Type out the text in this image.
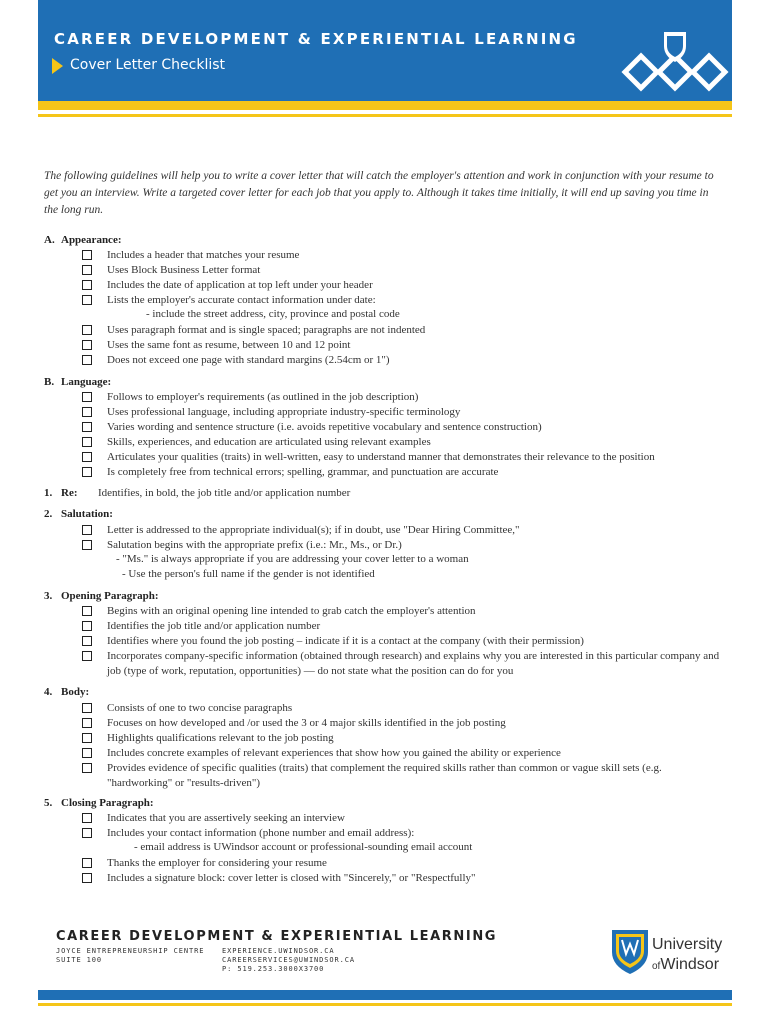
CAREER DEVELOPMENT & EXPERIENTIAL LEARNING
Cover Letter Checklist
The following guidelines will help you to write a cover letter that will catch the employer's attention and work in conjunction with your resume to get you an interview. Write a targeted cover letter for each job that you apply to. Although it takes time initially, it will end up saving you time in the long run.
A. Appearance:
Includes a header that matches your resume
Uses Block Business Letter format
Includes the date of application at top left under your header
Lists the employer's accurate contact information under date:
- include the street address, city, province and postal code
Uses paragraph format and is single spaced; paragraphs are not indented
Uses the same font as resume, between 10 and 12 point
Does not exceed one page with standard margins (2.54cm or 1")
B. Language:
Follows to employer's requirements (as outlined in the job description)
Uses professional language, including appropriate industry-specific terminology
Varies wording and sentence structure (i.e. avoids repetitive vocabulary and sentence construction)
Skills, experiences, and education are articulated using relevant examples
Articulates your qualities (traits) in well-written, easy to understand manner that demonstrates their relevance to the position
Is completely free from technical errors; spelling, grammar, and punctuation are accurate
1. Re: Identifies, in bold, the job title and/or application number
2. Salutation:
Letter is addressed to the appropriate individual(s); if in doubt, use "Dear Hiring Committee,"
Salutation begins with the appropriate prefix (i.e.: Mr., Ms., or Dr.)
- "Ms." is always appropriate if you are addressing your cover letter to a woman
- Use the person's full name if the gender is not identified
3. Opening Paragraph:
Begins with an original opening line intended to grab catch the employer's attention
Identifies the job title and/or application number
Identifies where you found the job posting – indicate if it is a contact at the company (with their permission)
Incorporates company-specific information (obtained through research) and explains why you are interested in this particular company and job (type of work, reputation, opportunities) — do not state what the position can do for you
4. Body:
Consists of one to two concise paragraphs
Focuses on how developed and /or used the 3 or 4 major skills identified in the job posting
Highlights qualifications relevant to the job posting
Includes concrete examples of relevant experiences that show how you gained the ability or experience
Provides evidence of specific qualities (traits) that complement the required skills rather than common or vague skill sets (e.g. "hardworking" or "results-driven")
5. Closing Paragraph:
Indicates that you are assertively seeking an interview
Includes your contact information (phone number and email address):
- email address is UWindsor account or professional-sounding email account
Thanks the employer for considering your resume
Includes a signature block: cover letter is closed with "Sincerely," or "Respectfully"
CAREER DEVELOPMENT & EXPERIENTIAL LEARNING
JOYCE ENTREPRENEURSHIP CENTRE
SUITE 100
EXPERIENCE.UWINDSOR.CA
CAREERSERVICES@UWINDSOR.CA
P: 519.253.3000X3700
University
ofWindsor
